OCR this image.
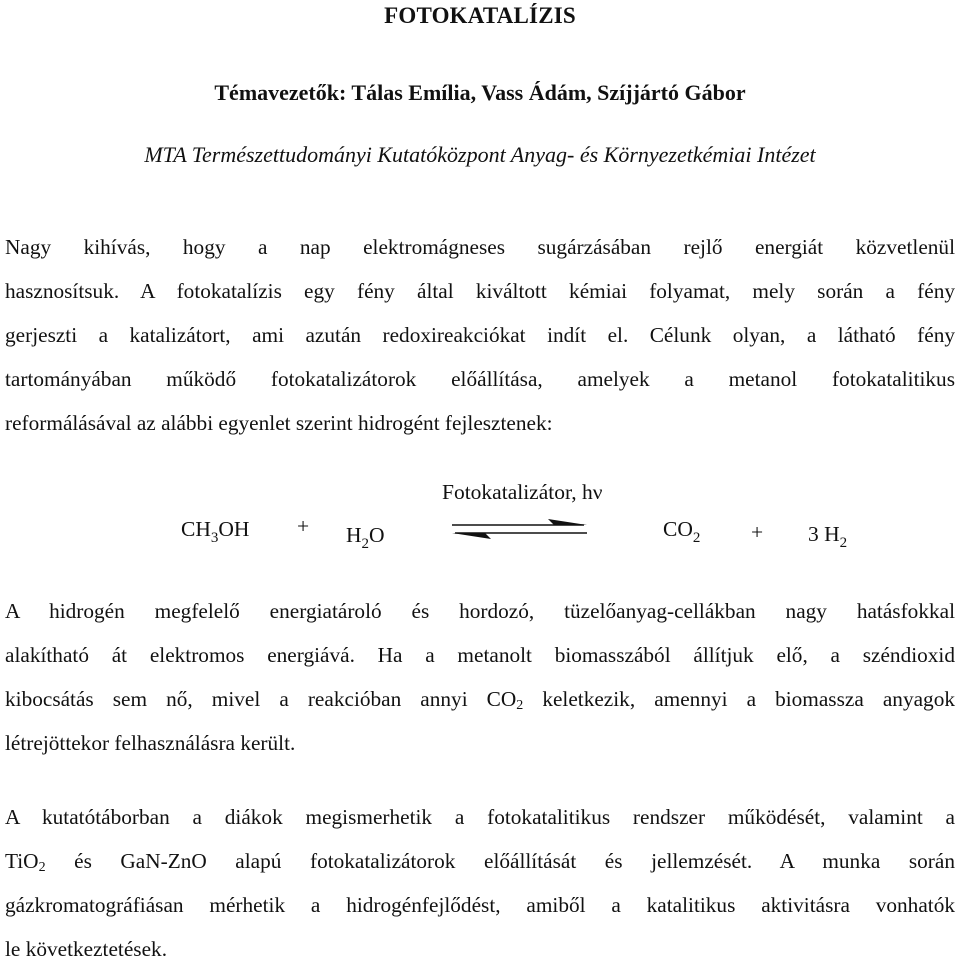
FOTOKATALÍZIS
Témavezetők: Tálas Emília, Vass Ádám, Szíjjártó Gábor
MTA Természettudományi Kutatóközpont Anyag- és Környezetkémiai Intézet
Nagy kihívás, hogy a nap elektromágneses sugárzásában rejlő energiát közvetlenül
hasznosítsuk. A fotokatalízis egy fény által kiváltott kémiai folyamat, mely során a fény
gerjeszti a katalizátort, ami azután redoxireakciókat indít el. Célunk olyan, a látható fény
tartományában működő fotokatalizátorok előállítása, amelyek a metanol fotokatalitikus
reformálásával az alábbi egyenlet szerint hidrogént fejlesztenek:
Fotokatalizátor, hν
$CH_3OH + H_2O$	$CO_2 + 3$ $H_2$
A hidrogén megfelelő energiatároló és hordozó, tüzelőanyag-cellákban nagy hatásfokkal
alakítható át elektromos energiává. Ha a metanolt biomasszából állítjuk elő, a széndioxid
kibocsátás sem nő, mivel a reakcióban annyi $CO_2$ keletkezik, amennyi a biomassza anyagok
létrejöttekor felhasználásra került.
A kutatótáborban a diákok megismerhetik a fotokatalitikus rendszer működését, valamint a
TiO$_2$ és GaN-ZnO alapú fotokatalizátorok előállítását és jellemzését. A munka során
gázkromatográfiásan mérhetik a hidrogénfejlődést, amiből a katalitikus aktivitásra vonhatók
le következtetések.
